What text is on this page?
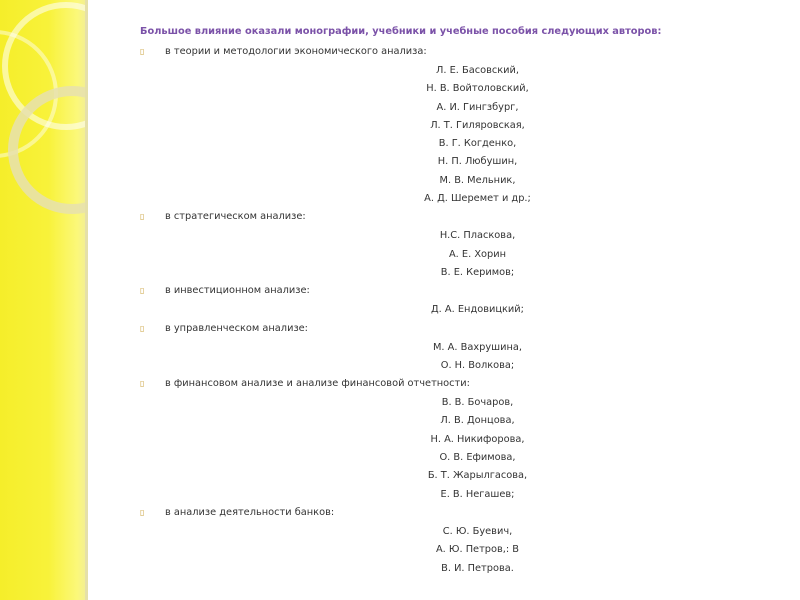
Большое влияние оказали монографии, учебники и учебные пособия следующих авторов:
▯ в теории и методологии экономического анализа:
Л. Е. Басовский,
Н. В. Войтоловский,
А. И. Гингзбург,
Л. Т. Гиляровская,
В. Г. Когденко,
Н. П. Любушин,
М. В. Мельник,
А. Д. Шеремет и др.;
▯ в стратегическом анализе:
Н.С. Пласкова,
А. Е. Хорин
В. Е. Керимов;
▯ в инвестиционном анализе:
Д. А. Ендовицкий;
▯ в управленческом анализе:
М. А. Вахрушина,
О. Н. Волкова;
▯ в финансовом анализе и анализе финансовой отчетности:
В. В. Бочаров,
Л. В. Донцова,
Н. А. Никифорова,
О. В. Ефимова,
Б. Т. Жарылгасова,
Е. В. Негашев;
▯ в анализе деятельности банков:
С. Ю. Буевич,
А. Ю. Петров,: В
В. И. Петрова.
